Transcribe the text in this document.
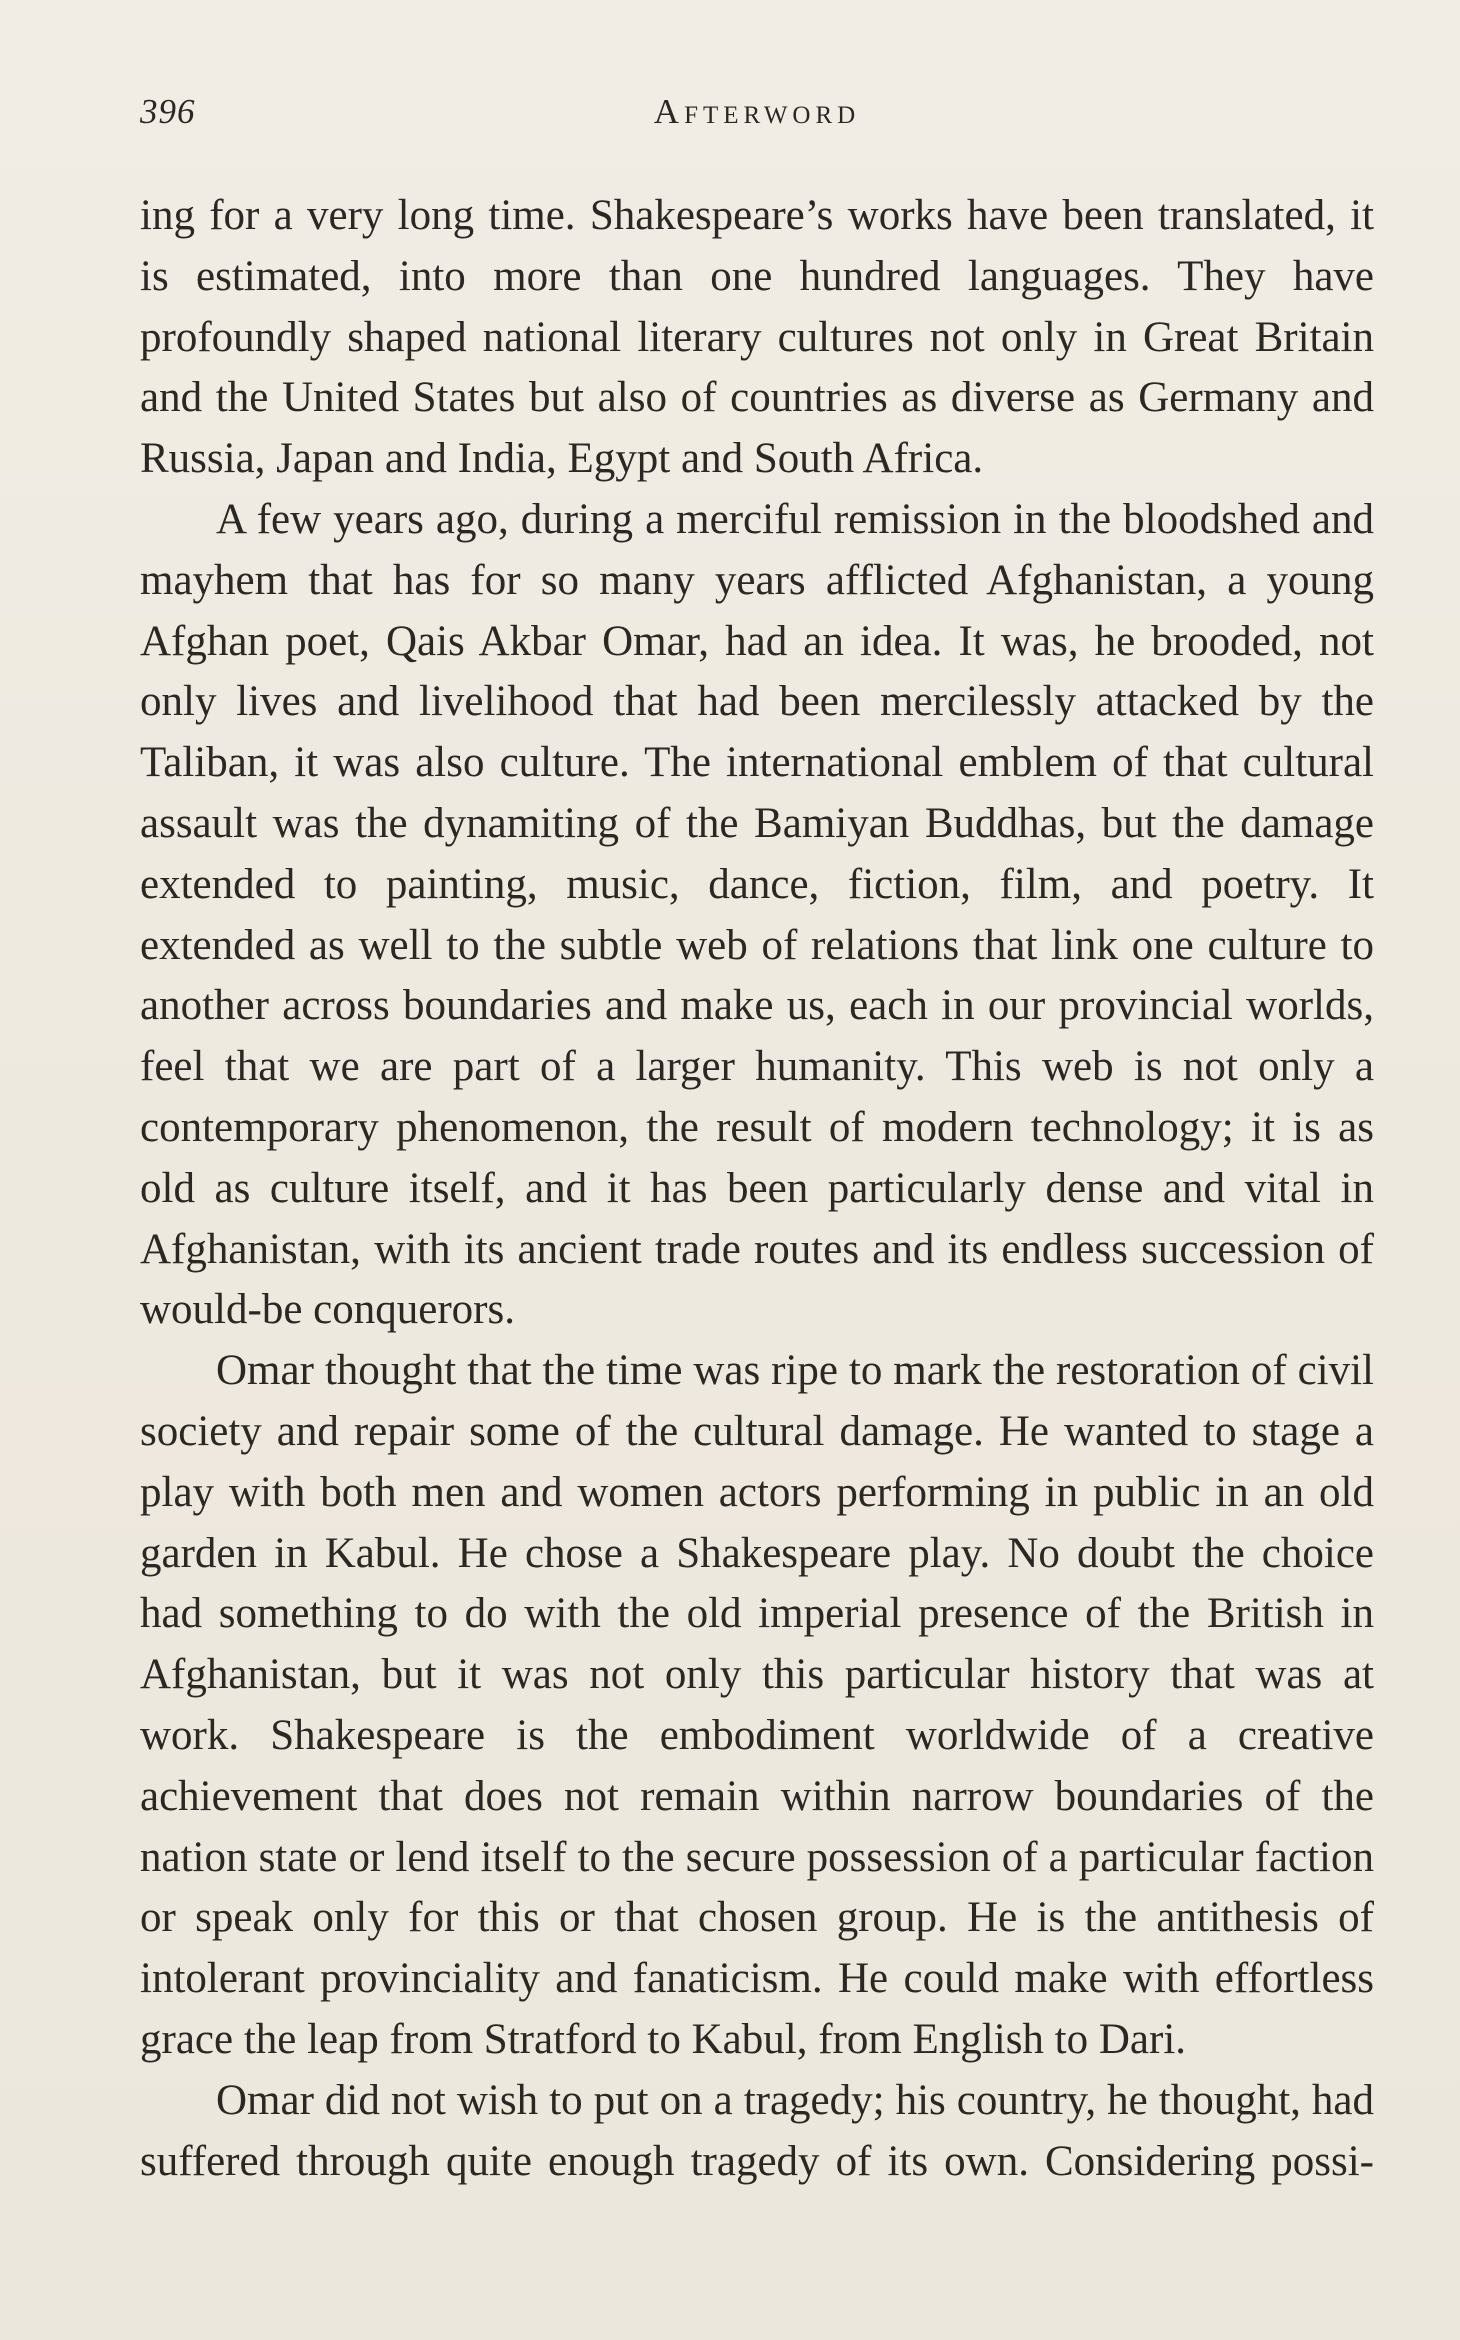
396	Afterword

ing for a very long time. Shakespeare’s works have been translated, it is estimated, into more than one hundred languages. They have profoundly shaped national literary cultures not only in Great Britain and the United States but also of countries as diverse as Germany and Russia, Japan and India, Egypt and South Africa.

A few years ago, during a merciful remission in the bloodshed and mayhem that has for so many years afflicted Afghanistan, a young Afghan poet, Qais Akbar Omar, had an idea. It was, he brooded, not only lives and livelihood that had been mercilessly attacked by the Taliban, it was also culture. The international emblem of that cultural assault was the dynamiting of the Bamiyan Buddhas, but the damage extended to painting, music, dance, fiction, film, and poetry. It extended as well to the subtle web of relations that link one culture to another across boundaries and make us, each in our provincial worlds, feel that we are part of a larger humanity. This web is not only a contemporary phenomenon, the result of modern technology; it is as old as culture itself, and it has been particularly dense and vital in Afghanistan, with its ancient trade routes and its endless succession of would-be conquerors.

Omar thought that the time was ripe to mark the restoration of civil society and repair some of the cultural damage. He wanted to stage a play with both men and women actors performing in public in an old garden in Kabul. He chose a Shakespeare play. No doubt the choice had something to do with the old imperial presence of the British in Afghanistan, but it was not only this particular history that was at work. Shakespeare is the embodiment worldwide of a creative achievement that does not remain within narrow boundaries of the nation state or lend itself to the secure possession of a particular faction or speak only for this or that chosen group. He is the antithesis of intolerant provinciality and fanaticism. He could make with effortless grace the leap from Stratford to Kabul, from English to Dari.

Omar did not wish to put on a tragedy; his country, he thought, had suffered through quite enough tragedy of its own. Considering possi-
